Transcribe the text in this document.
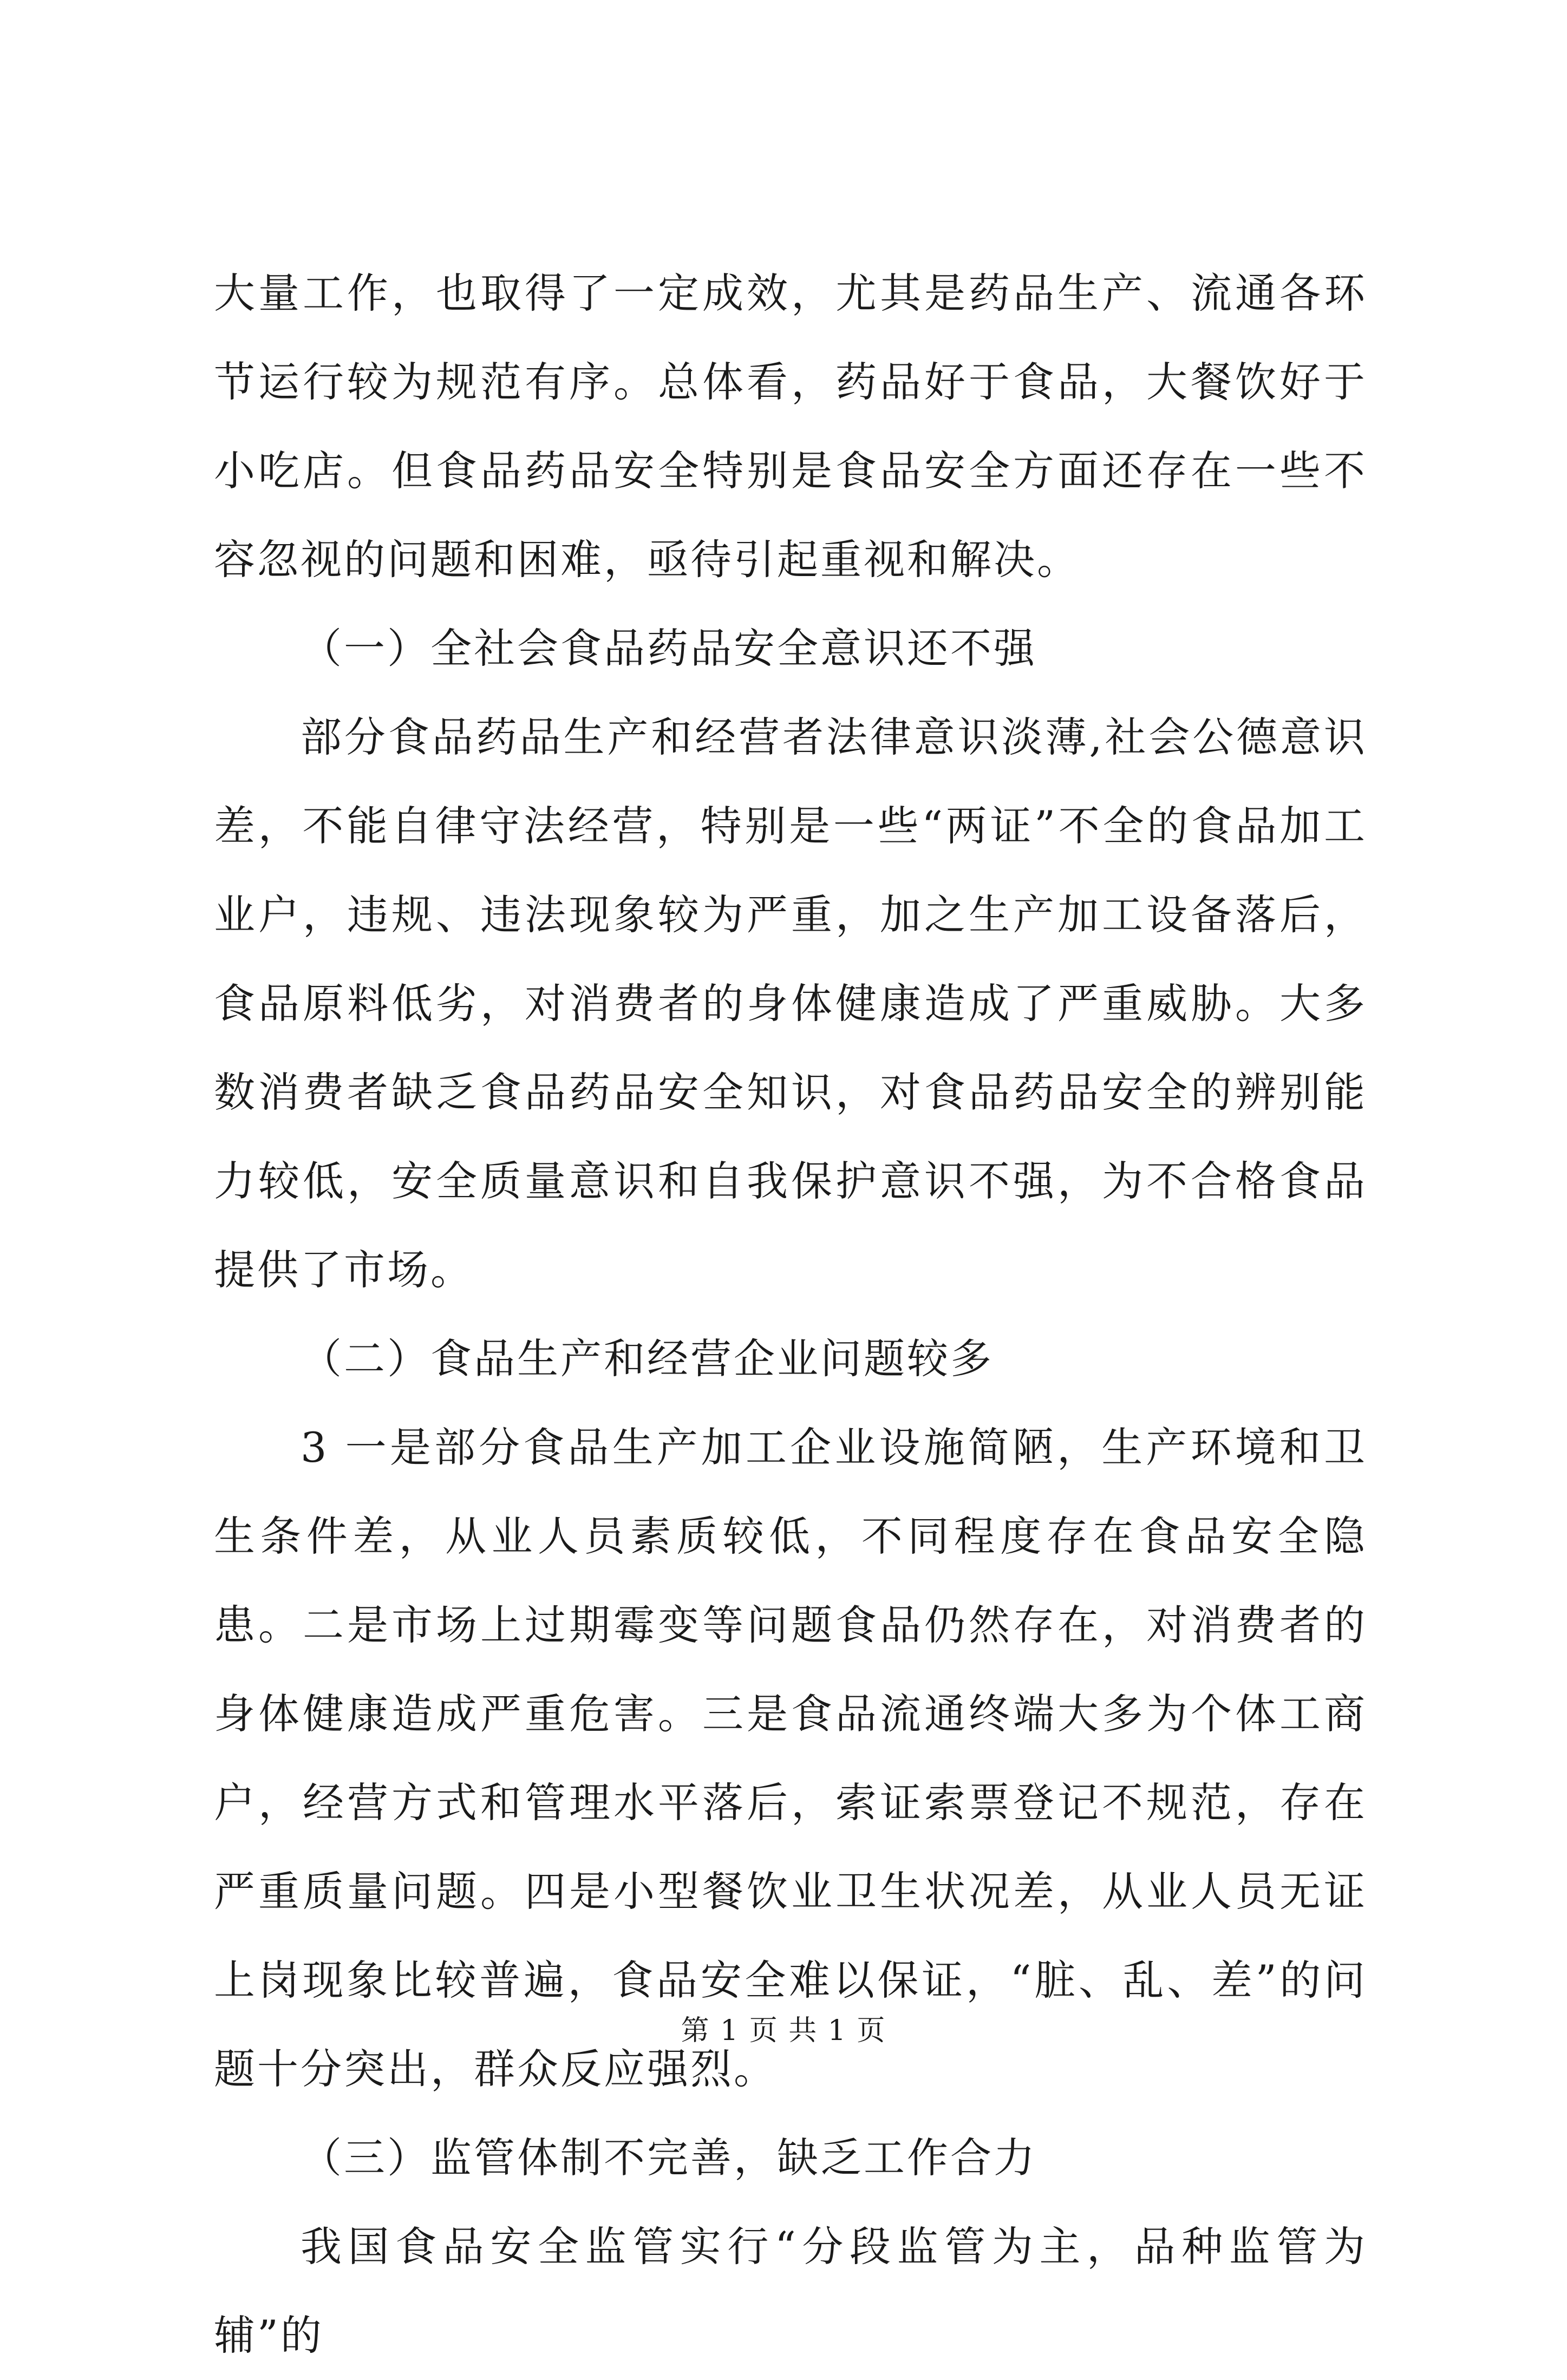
大量工作，也取得了一定成效，尤其是药品生产、流通各环节运行较为规范有序。总体看，药品好于食品，大餐饮好于小吃店。但食品药品安全特别是食品安全方面还存在一些不容忽视的问题和困难，亟待引起重视和解决。

（一）全社会食品药品安全意识还不强

部分食品药品生产和经营者法律意识淡薄,社会公德意识差，不能自律守法经营，特别是一些“两证”不全的食品加工业户，违规、违法现象较为严重，加之生产加工设备落后，食品原料低劣，对消费者的身体健康造成了严重威胁。大多数消费者缺乏食品药品安全知识，对食品药品安全的辨别能力较低，安全质量意识和自我保护意识不强，为不合格食品提供了市场。

（二）食品生产和经营企业问题较多

3 一是部分食品生产加工企业设施简陋，生产环境和卫生条件差，从业人员素质较低，不同程度存在食品安全隐患。二是市场上过期霉变等问题食品仍然存在，对消费者的身体健康造成严重危害。三是食品流通终端大多为个体工商户，经营方式和管理水平落后，索证索票登记不规范，存在严重质量问题。四是小型餐饮业卫生状况差，从业人员无证上岗现象比较普遍，食品安全难以保证，“脏、乱、差”的问题十分突出，群众反应强烈。

（三）监管体制不完善，缺乏工作合力

我国食品安全监管实行“分段监管为主，品种监管为辅”的

第 1 页 共 1 页
